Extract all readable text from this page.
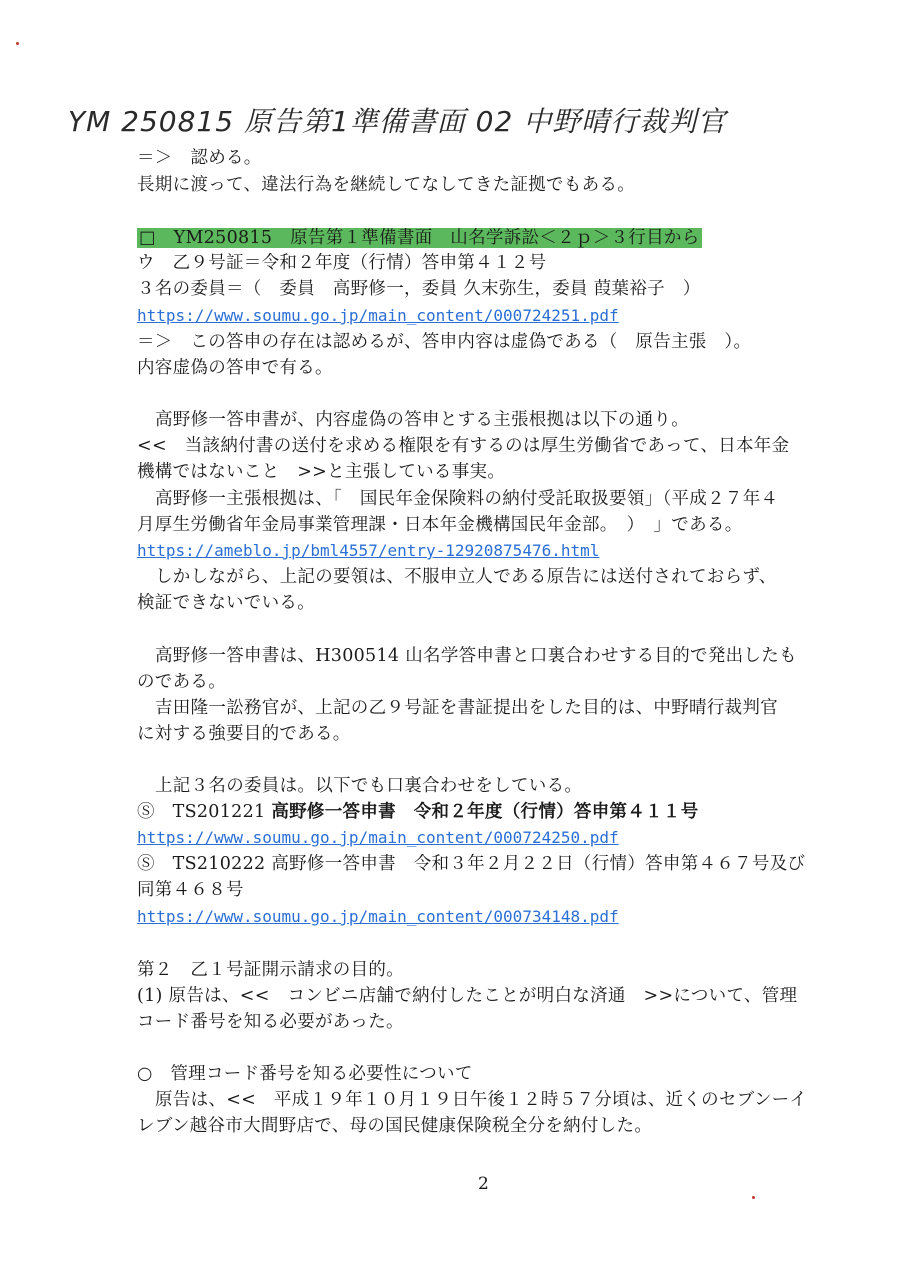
YM 250815 原告第1準備書面 02 中野晴行裁判官
＝＞　認める。
長期に渡って、違法行為を継続してなしてきた証拠でもある。
□　YM250815　原告第１準備書面　山名学訴訟＜２ｐ＞３行目から
ウ　乙９号証＝令和２年度（行情）答申第４１２号
３名の委員＝（　委員　高野修一，委員 久末弥生，委員 葭葉裕子　）
https://www.soumu.go.jp/main_content/000724251.pdf
＝＞　この答申の存在は認めるが、答申内容は虚偽である（　原告主張　）。
内容虚偽の答申で有る。
高野修一答申書が、内容虚偽の答申とする主張根拠は以下の通り。
<<　当該納付書の送付を求める権限を有するのは厚生労働省であって、日本年金
機構ではないこと　>>と主張している事実。
高野修一主張根拠は、「　国民年金保険料の納付受託取扱要領」（平成２７年４
月厚生労働省年金局事業管理課・日本年金機構国民年金部。　）　」である。
https://ameblo.jp/bml4557/entry-12920875476.html
しかしながら、上記の要領は、不服申立人である原告には送付されておらず、
検証できないでいる。
高野修一答申書は、H300514 山名学答申書と口裏合わせする目的で発出したも
のである。
吉田隆一訟務官が、上記の乙９号証を書証提出をした目的は、中野晴行裁判官
に対する強要目的である。
上記３名の委員は。以下でも口裏合わせをしている。
Ⓢ　TS201221 高野修一答申書　令和２年度（行情）答申第４１１号
https://www.soumu.go.jp/main_content/000724250.pdf
Ⓢ　TS210222 高野修一答申書　令和３年２月２２日（行情）答申第４６７号及び
同第４６８号
https://www.soumu.go.jp/main_content/000734148.pdf
第２　乙１号証開示請求の目的。
(1) 原告は、<<　コンビニ店舗で納付したことが明白な済通　>>について、管理
コード番号を知る必要があった。
○　管理コード番号を知る必要性について
原告は、<<　平成１９年１０月１９日午後１２時５７分頃は、近くのセブンーイ
レブン越谷市大間野店で、母の国民健康保険税全分を納付した。
2
